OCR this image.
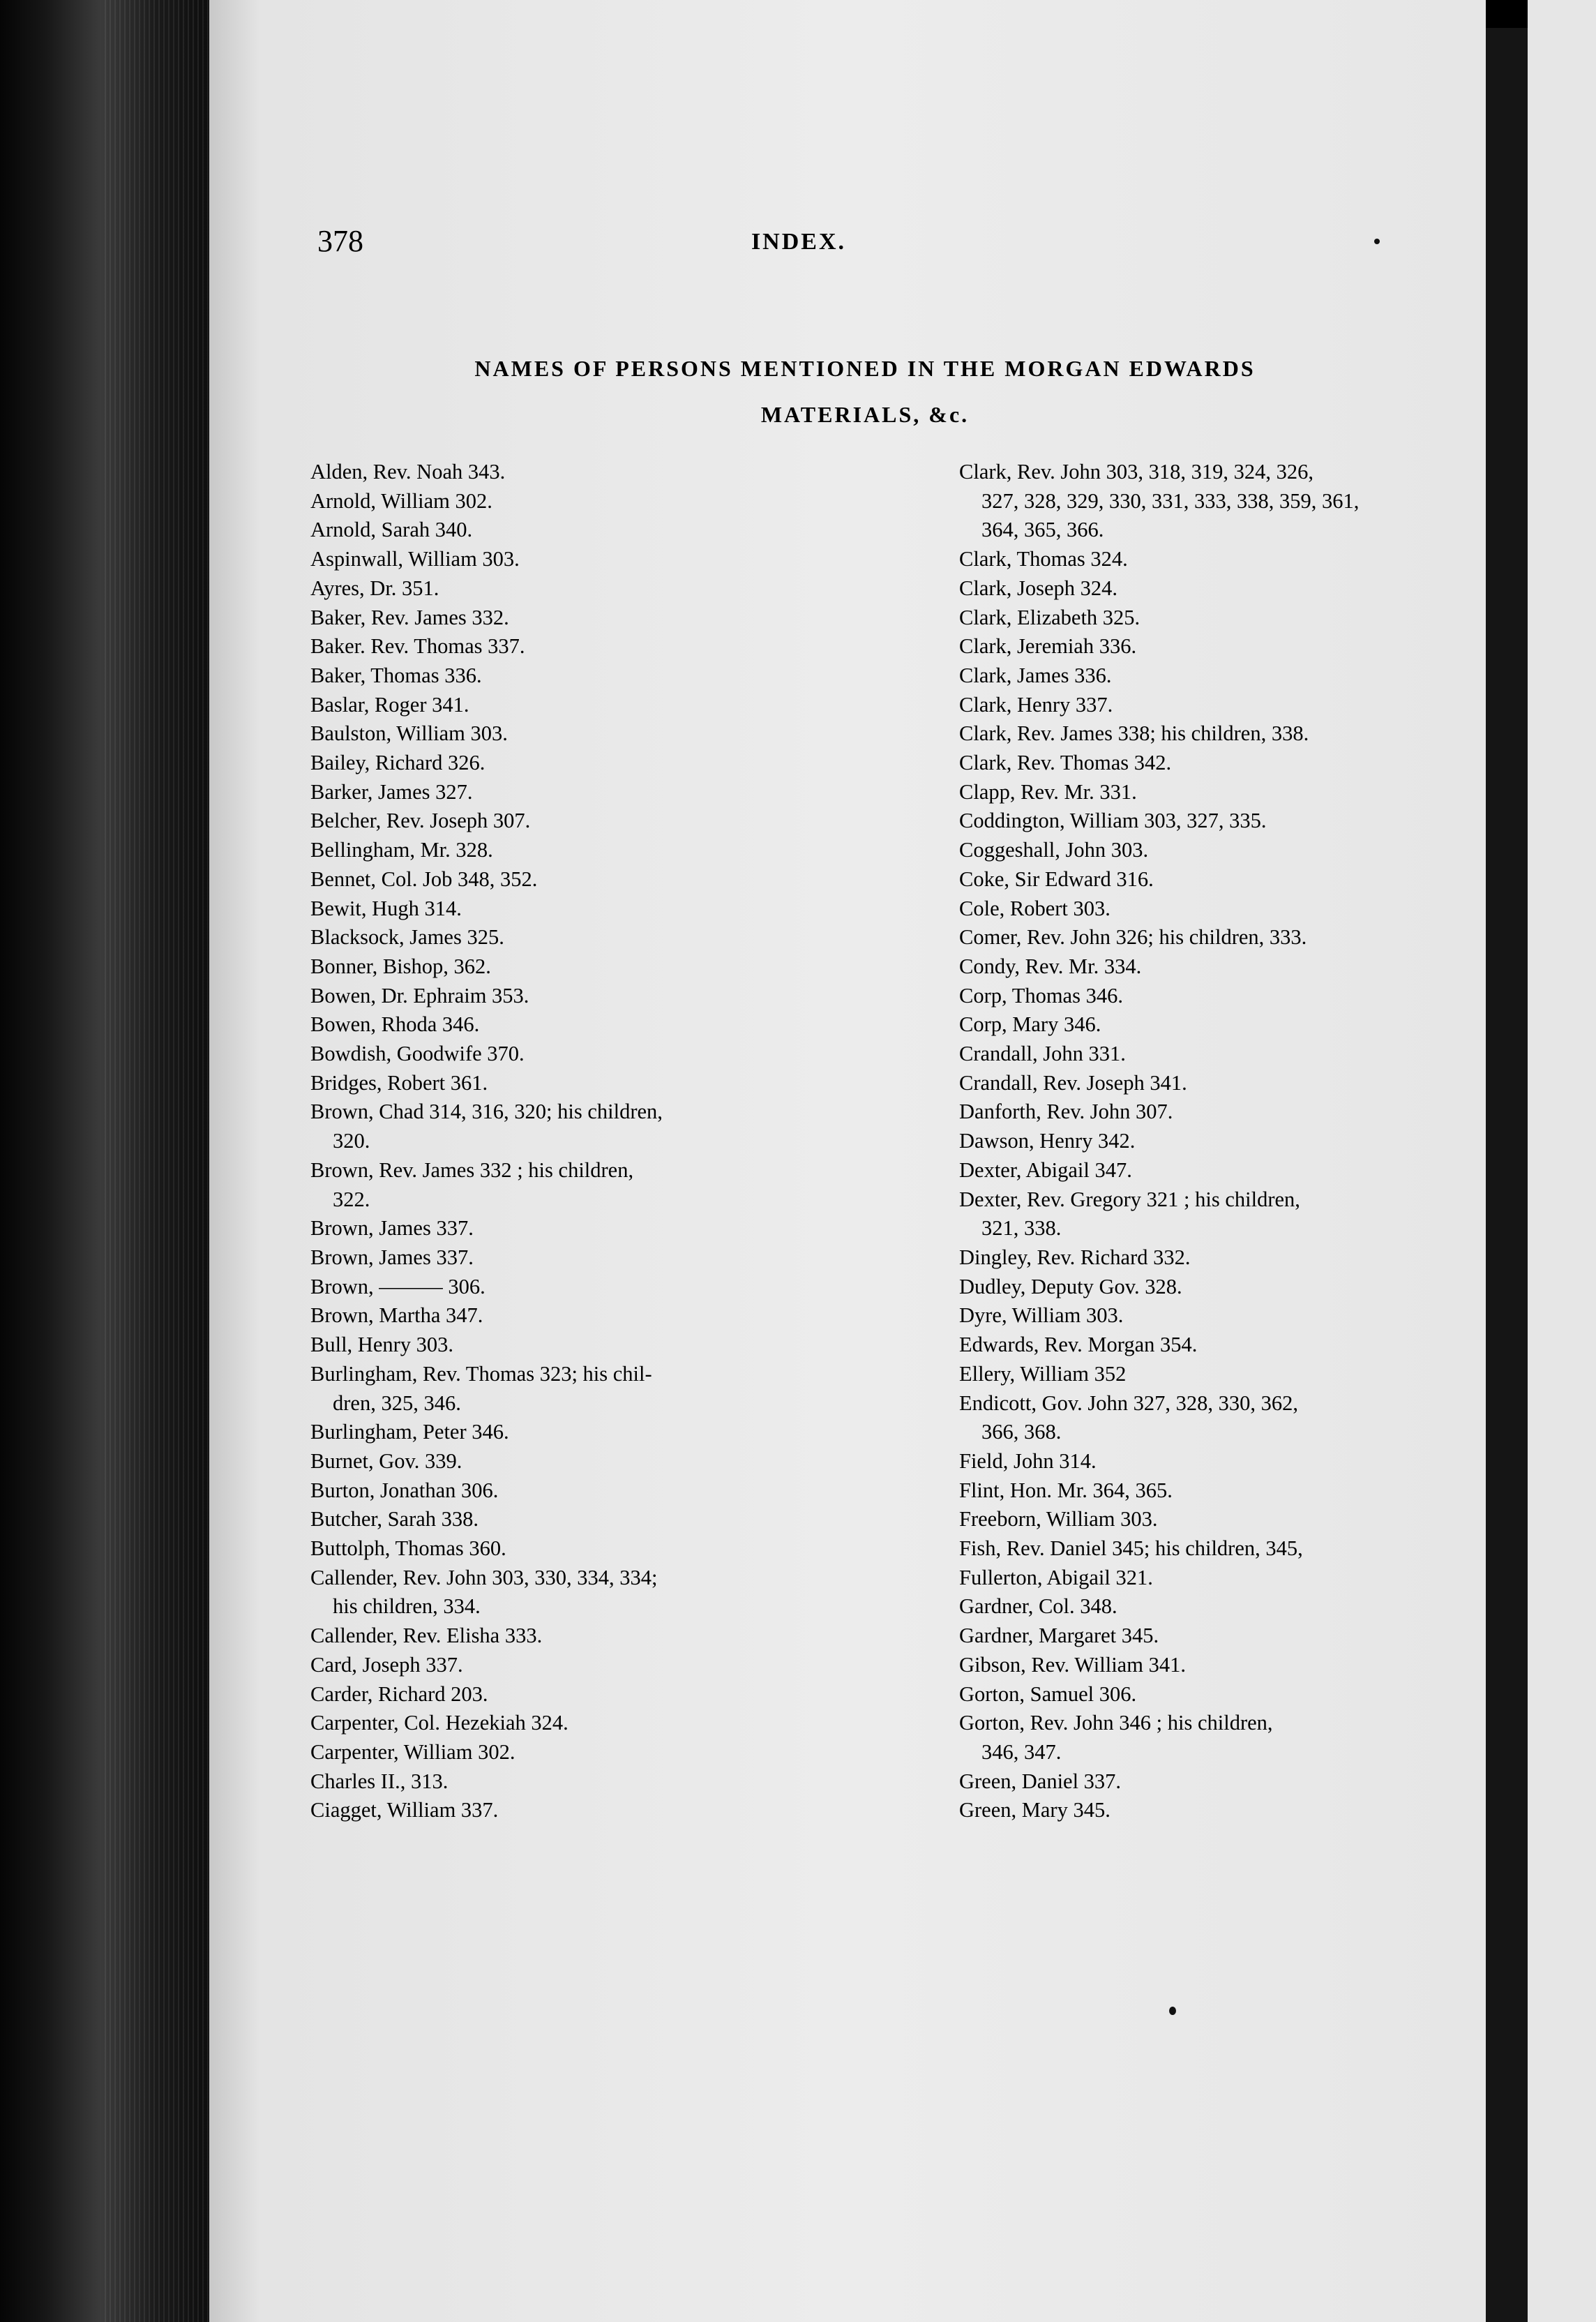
378	INDEX.
NAMES OF PERSONS MENTIONED IN THE MORGAN EDWARDS
MATERIALS, &c.
Alden, Rev. Noah 343.
Arnold, William 302.
Arnold, Sarah 340.
Aspinwall, William 303.
Ayres, Dr. 351.
Baker, Rev. James 332.
Baker. Rev. Thomas 337.
Baker, Thomas 336.
Baslar, Roger 341.
Baulston, William 303.
Bailey, Richard 326.
Barker, James 327.
Belcher, Rev. Joseph 307.
Bellingham, Mr. 328.
Bennet, Col. Job 348, 352.
Bewit, Hugh 314.
Blacksock, James 325.
Bonner, Bishop, 362.
Bowen, Dr. Ephraim 353.
Bowen, Rhoda 346.
Bowdish, Goodwife 370.
Bridges, Robert 361.
Brown, Chad 314, 316, 320; his children,
320.
Brown, Rev. James 332 ; his children,
322.
Brown, James 337.
Brown, James 337.
Brown, ——— 306.
Brown, Martha 347.
Bull, Henry 303.
Burlingham, Rev. Thomas 323; his chil-
dren, 325, 346.
Burlingham, Peter 346.
Burnet, Gov. 339.
Burton, Jonathan 306.
Butcher, Sarah 338.
Buttolph, Thomas 360.
Callender, Rev. John 303, 330, 334, 334;
his children, 334.
Callender, Rev. Elisha 333.
Card, Joseph 337.
Carder, Richard 203.
Carpenter, Col. Hezekiah 324.
Carpenter, William 302.
Charles II., 313.
Ciagget, William 337.
Clark, Rev. John 303, 318, 319, 324, 326,
327, 328, 329, 330, 331, 333, 338, 359, 361,
364, 365, 366.
Clark, Thomas 324.
Clark, Joseph 324.
Clark, Elizabeth 325.
Clark, Jeremiah 336.
Clark, James 336.
Clark, Henry 337.
Clark, Rev. James 338; his children, 338.
Clark, Rev. Thomas 342.
Clapp, Rev. Mr. 331.
Coddington, William 303, 327, 335.
Coggeshall, John 303.
Coke, Sir Edward 316.
Cole, Robert 303.
Comer, Rev. John 326; his children, 333.
Condy, Rev. Mr. 334.
Corp, Thomas 346.
Corp, Mary 346.
Crandall, John 331.
Crandall, Rev. Joseph 341.
Danforth, Rev. John 307.
Dawson, Henry 342.
Dexter, Abigail 347.
Dexter, Rev. Gregory 321 ; his children,
321, 338.
Dingley, Rev. Richard 332.
Dudley, Deputy Gov. 328.
Dyre, William 303.
Edwards, Rev. Morgan 354.
Ellery, William 352
Endicott, Gov. John 327, 328, 330, 362,
366, 368.
Field, John 314.
Flint, Hon. Mr. 364, 365.
Freeborn, William 303.
Fish, Rev. Daniel 345; his children, 345,
Fullerton, Abigail 321.
Gardner, Col. 348.
Gardner, Margaret 345.
Gibson, Rev. William 341.
Gorton, Samuel 306.
Gorton, Rev. John 346 ; his children,
346, 347.
Green, Daniel 337.
Green, Mary 345.
